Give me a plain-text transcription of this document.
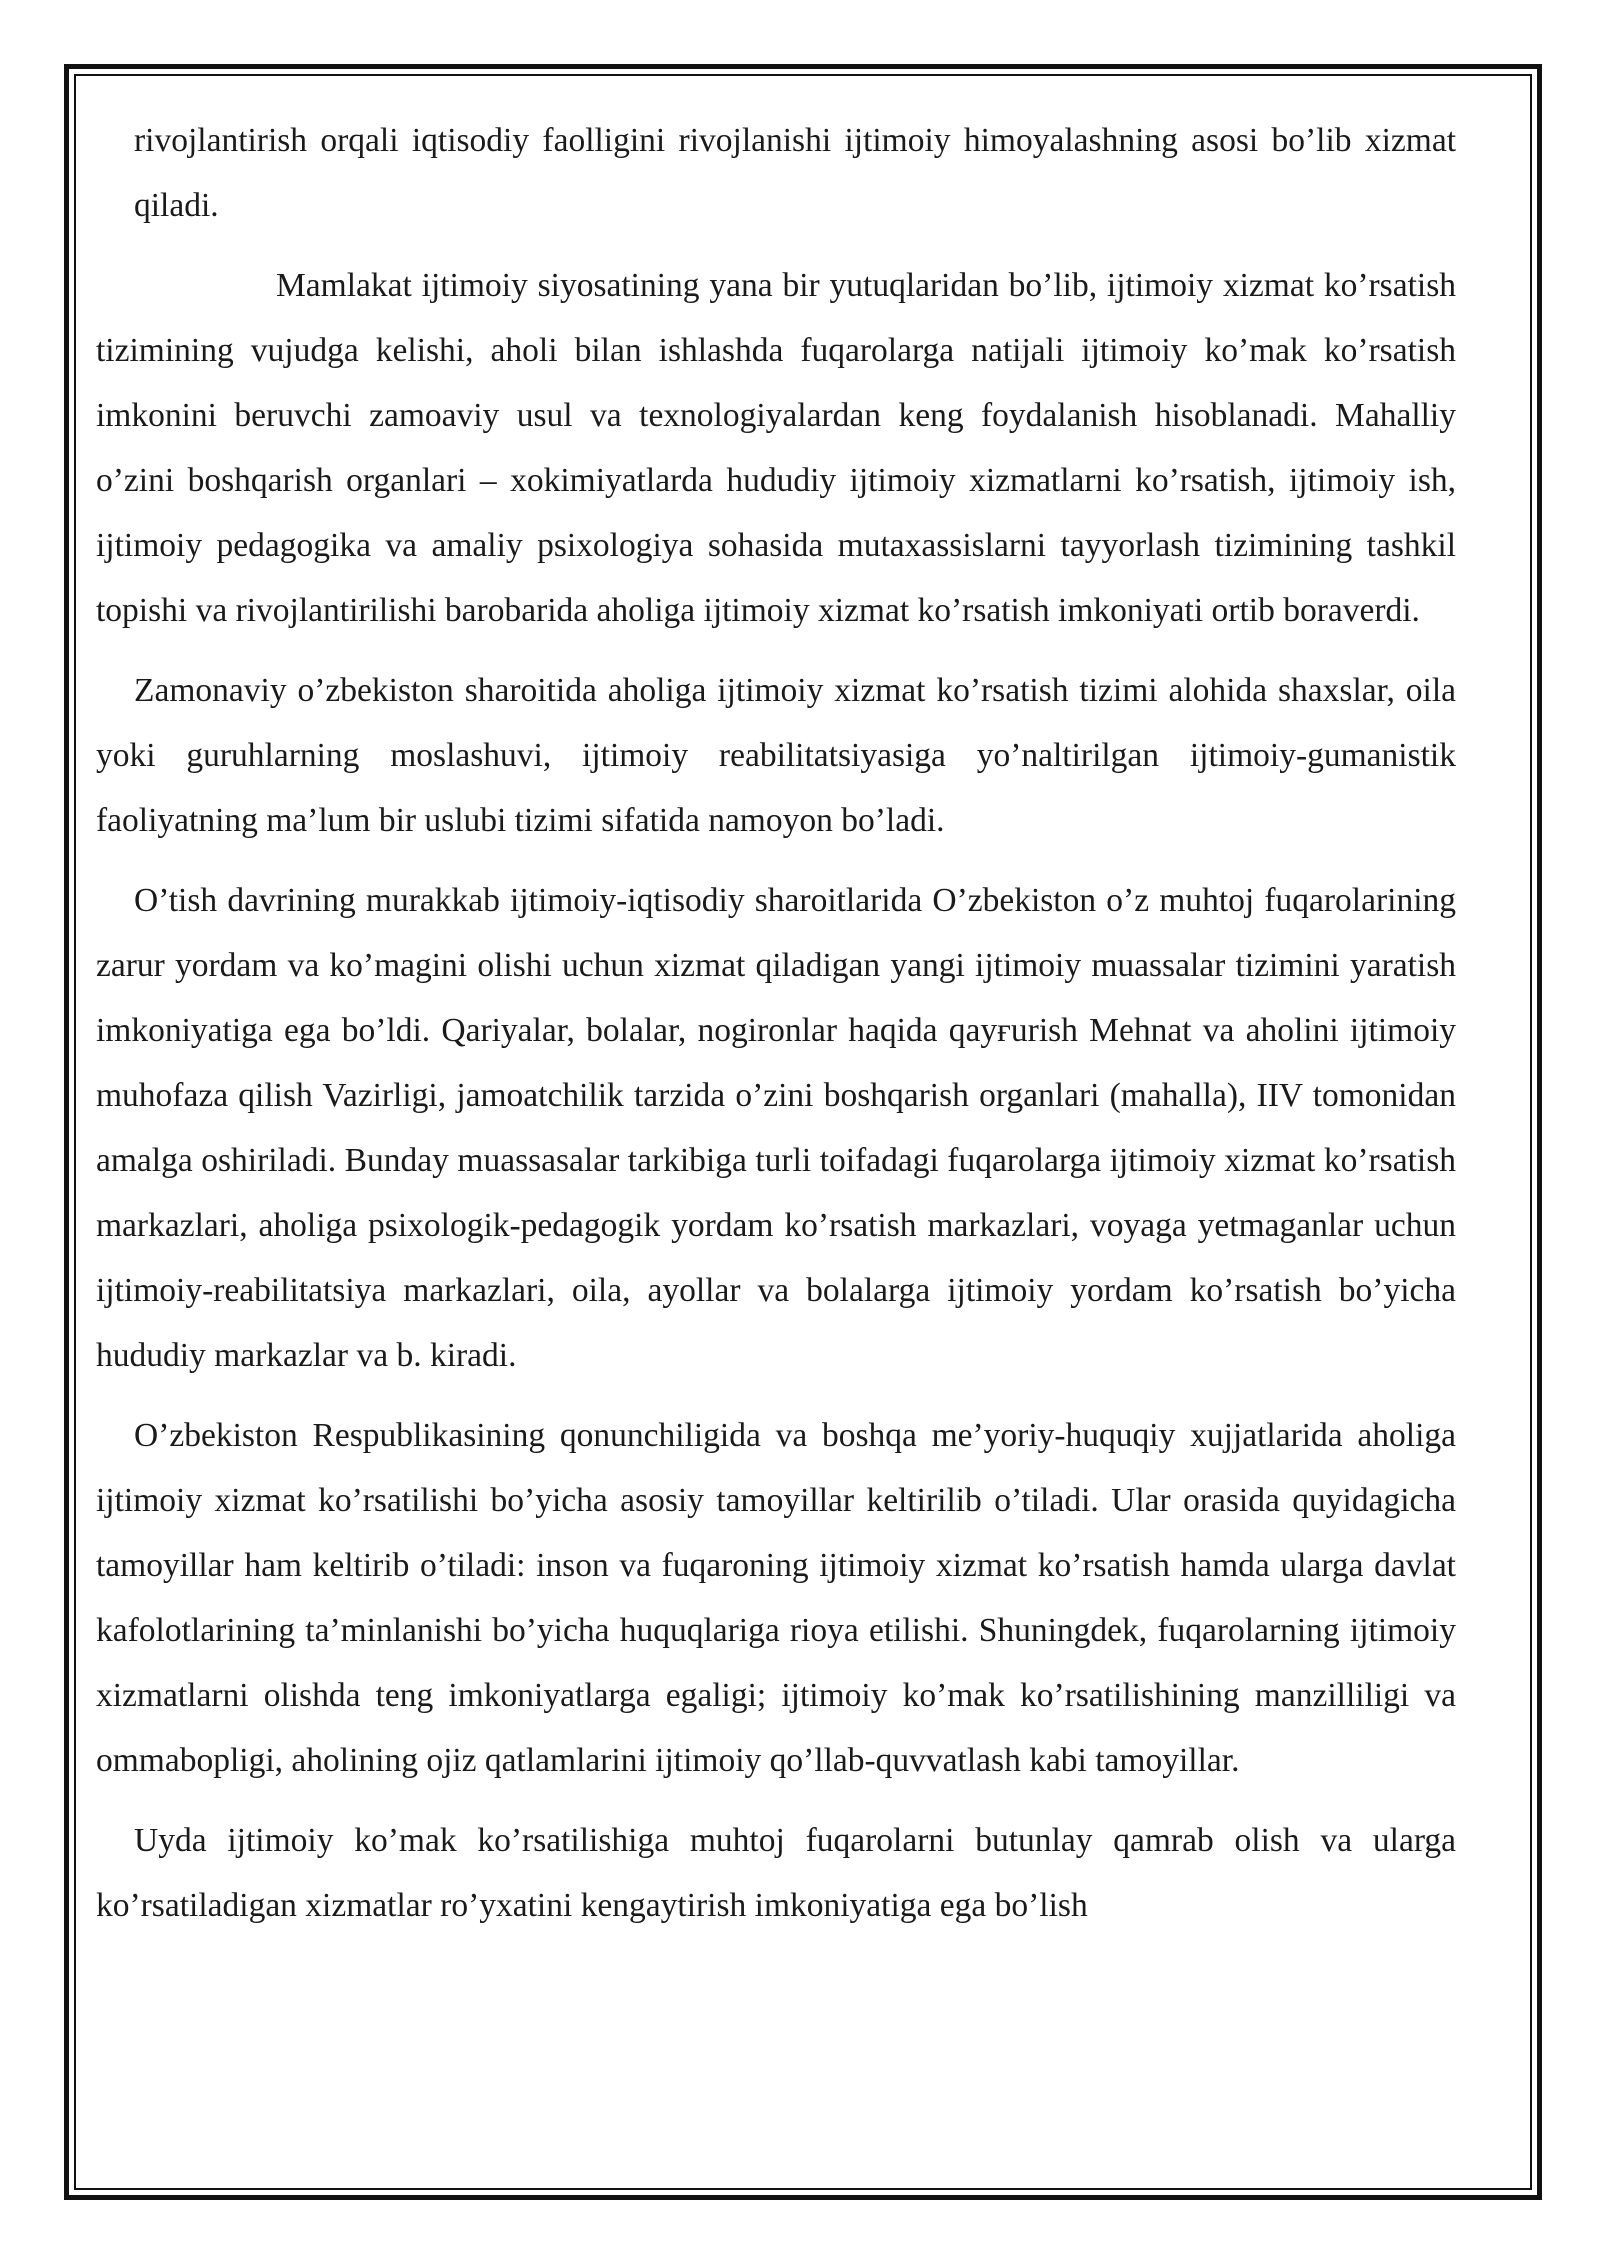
rivojlantirish orqali iqtisodiy faolligini rivojlanishi ijtimoiy himoyalashning asosi bo’lib xizmat qiladi.

Mamlakat ijtimoiy siyosatining yana bir yutuqlaridan bo’lib, ijtimoiy xizmat ko’rsatish tizimining vujudga kelishi, aholi bilan ishlashda fuqarolarga natijali ijtimoiy ko’mak ko’rsatish imkonini beruvchi zamoaviy usul va texnologiyalardan keng foydalanish hisoblanadi. Mahalliy o’zini boshqarish organlari – xokimiyatlarda hududiy ijtimoiy xizmatlarni ko’rsatish, ijtimoiy ish, ijtimoiy pedagogika va amaliy psixologiya sohasida mutaxassislarni tayyorlash tizimining tashkil topishi va rivojlantirilishi barobarida aholiga ijtimoiy xizmat ko’rsatish imkoniyati ortib boraverdi.

Zamonaviy o’zbekiston sharoitida aholiga ijtimoiy xizmat ko’rsatish tizimi alohida shaxslar, oila yoki guruhlarning moslashuvi, ijtimoiy reabilitatsiyasiga yo’naltirilgan ijtimoiy-gumanistik faoliyatning ma’lum bir uslubi tizimi sifatida namoyon bo’ladi.

O’tish davrining murakkab ijtimoiy-iqtisodiy sharoitlarida O’zbekiston o’z muhtoj fuqarolarining zarur yordam va ko’magini olishi uchun xizmat qiladigan yangi ijtimoiy muassalar tizimini yaratish imkoniyatiga ega bo’ldi. Qariyalar, bolalar, nogironlar haqida qayғurish Mehnat va aholini ijtimoiy muhofaza qilish Vazirligi, jamoatchilik tarzida o’zini boshqarish organlari (mahalla), IIV tomonidan amalga oshiriladi. Bunday muassasalar tarkibiga turli toifadagi fuqarolarga ijtimoiy xizmat ko’rsatish markazlari, aholiga psixologik-pedagogik yordam ko’rsatish markazlari, voyaga yetmaganlar uchun ijtimoiy-reabilitatsiya markazlari, oila, ayollar va bolalarga ijtimoiy yordam ko’rsatish bo’yicha hududiy markazlar va b. kiradi.

O’zbekiston Respublikasining qonunchiligida va boshqa me’yoriy-huquqiy xujjatlarida aholiga ijtimoiy xizmat ko’rsatilishi bo’yicha asosiy tamoyillar keltirilib o’tiladi. Ular orasida quyidagicha tamoyillar ham keltirib o’tiladi: inson va fuqaroning ijtimoiy xizmat ko’rsatish hamda ularga davlat kafolotlarining ta’minlanishi bo’yicha huquqlariga rioya etilishi. Shuningdek, fuqarolarning ijtimoiy xizmatlarni olishda teng imkoniyatlarga egaligi; ijtimoiy ko’mak ko’rsatilishining manzilliligi va ommabopligi, aholining ojiz qatlamlarini ijtimoiy qo’llab-quvvatlash kabi tamoyillar.

Uyda ijtimoiy ko’mak ko’rsatilishiga muhtoj fuqarolarni butunlay qamrab olish va ularga ko’rsatiladigan xizmatlar ro’yxatini kengaytirish imkoniyatiga ega bo’lish
